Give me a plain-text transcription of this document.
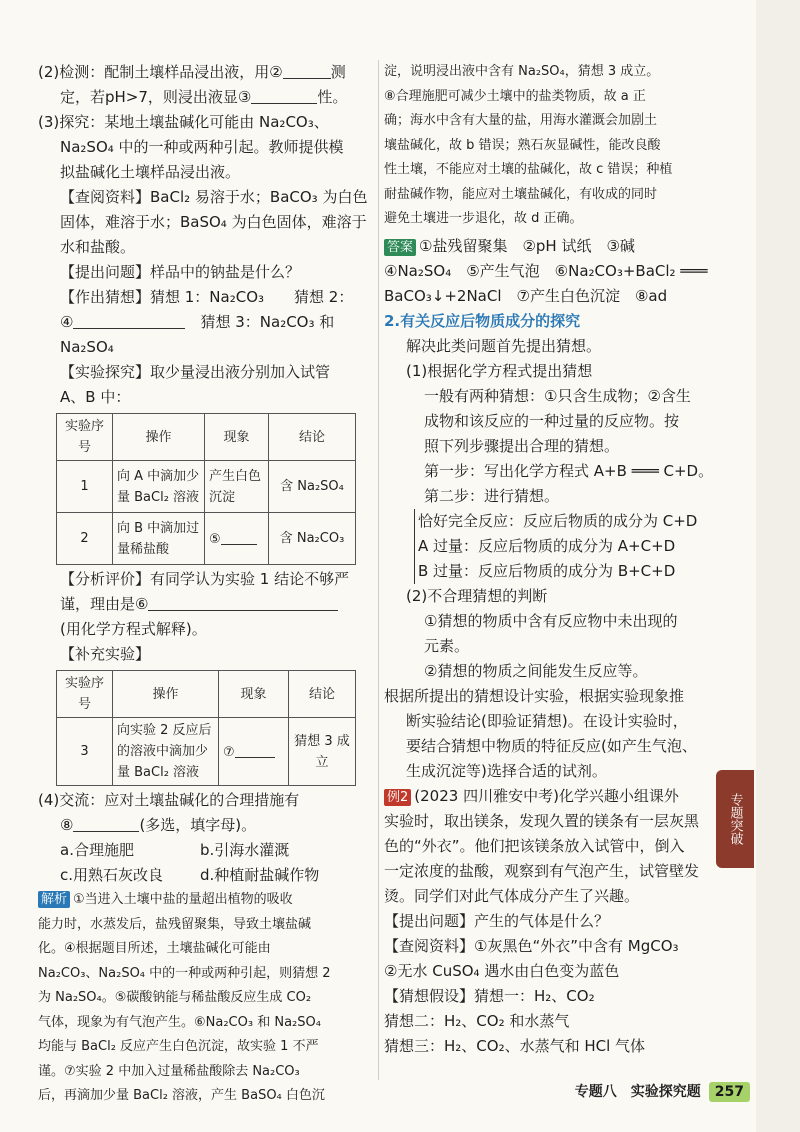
(2)检测：配制土壤样品浸出液，用②	测

定，若pH>7，则浸出液显③	性。

(3)探究：某地土壤盐碱化可能由 Na₂CO₃、

Na₂SO₄ 中的一种或两种引起。教师提供模

拟盐碱化土壤样品浸出液。

【查阅资料】BaCl₂ 易溶于水；BaCO₃ 为白色

固体，难溶于水；BaSO₄ 为白色固体，难溶于

水和盐酸。

【提出问题】样品中的钠盐是什么？

【作出猜想】猜想 1：Na₂CO₃　　猜想 2：

④　	猜想 3：Na₂CO₃ 和

Na₂SO₄

【实验探究】取少量浸出液分别加入试管

A、B 中：

实验序号	操作	现象	结论
1	向 A 中滴加少量 BaCl₂ 溶液	产生白色沉淀	含 Na₂SO₄
2	向 B 中滴加过量稀盐酸	⑤	含 Na₂CO₃

【分析评价】有同学认为实验 1 结论不够严

谨，理由是⑥

(用化学方程式解释)。

【补充实验】

实验序号	操作	现象	结论
3	向实验 2 反应后的溶液中滴加少量 BaCl₂ 溶液	⑦	猜想 3 成立

(4)交流：应对土壤盐碱化的合理措施有

⑧	(多选，填字母)。

a.合理施肥	b.引海水灌溉

c.用熟石灰改良 d.种植耐盐碱作物

解析 ①当进入土壤中盐的量超出植物的吸收

能力时，水蒸发后，盐残留聚集，导致土壤盐碱

化。④根据题目所述，土壤盐碱化可能由

Na₂CO₃、Na₂SO₄ 中的一种或两种引起，则猜想 2

为 Na₂SO₄。⑤碳酸钠能与稀盐酸反应生成 CO₂

气体，现象为有气泡产生。⑥Na₂CO₃ 和 Na₂SO₄

均能与 BaCl₂ 反应产生白色沉淀，故实验 1 不严

谨。⑦实验 2 中加入过量稀盐酸除去 Na₂CO₃

后，再滴加少量 BaCl₂ 溶液，产生 BaSO₄ 白色沉

淀，说明浸出液中含有 Na₂SO₄，猜想 3 成立。

⑧合理施肥可减少土壤中的盐类物质，故 a 正

确；海水中含有大量的盐，用海水灌溉会加剧土

壤盐碱化，故 b 错误；熟石灰显碱性，能改良酸

性土壤，不能应对土壤的盐碱化，故 c 错误；种植

耐盐碱作物，能应对土壤盐碱化，有收成的同时

避免土壤进一步退化，故 d 正确。

答案 ①盐残留聚集　②pH 试纸　③碱

④Na₂SO₄　⑤产生气泡　⑥Na₂CO₃+BaCl₂ ═══

BaCO₃↓+2NaCl　⑦产生白色沉淀　⑧ad

2.有关反应后物质成分的探究

解决此类问题首先提出猜想。

(1)根据化学方程式提出猜想

一般有两种猜想：①只含生成物；②含生

成物和该反应的一种过量的反应物。按

照下列步骤提出合理的猜想。

第一步：写出化学方程式 A+B ═══ C+D。

第二步：进行猜想。

恰好完全反应：反应后物质的成分为 C+D

A 过量：反应后物质的成分为 A+C+D

B 过量：反应后物质的成分为 B+C+D

(2)不合理猜想的判断

①猜想的物质中含有反应物中未出现的

元素。

②猜想的物质之间能发生反应等。

根据所提出的猜想设计实验，根据实验现象推

断实验结论(即验证猜想)。在设计实验时，

要结合猜想中物质的特征反应(如产生气泡、

生成沉淀等)选择合适的试剂。

例2 (2023 四川雅安中考)化学兴趣小组课外

实验时，取出镁条，发现久置的镁条有一层灰黑

色的“外衣”。他们把该镁条放入试管中，倒入

一定浓度的盐酸，观察到有气泡产生，试管壁发

烫。同学们对此气体成分产生了兴趣。

【提出问题】产生的气体是什么？

【查阅资料】①灰黑色“外衣”中含有 MgCO₃

②无水 CuSO₄ 遇水由白色变为蓝色

【猜想假设】猜想一：H₂、CO₂

猜想二：H₂、CO₂ 和水蒸气

猜想三：H₂、CO₂、水蒸气和 HCl 气体

专题突破
专题八　实验探究题	257
